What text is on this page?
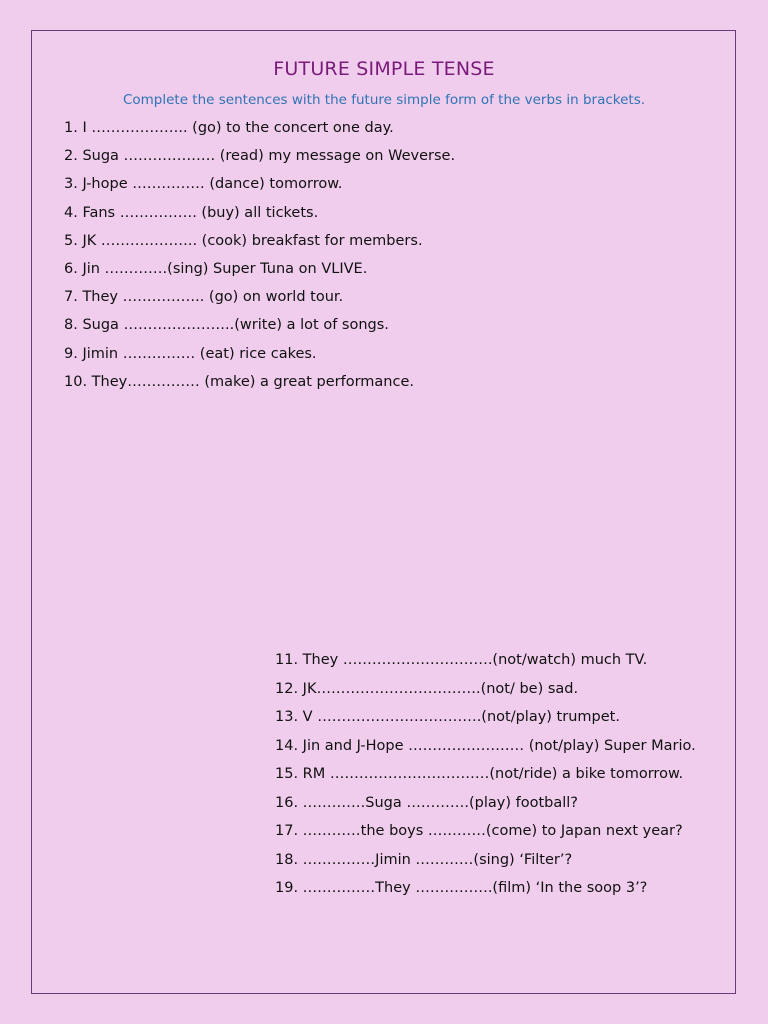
FUTURE SIMPLE TENSE

Complete the sentences with the future simple form of the verbs in brackets.

1. I ……………….. (go) to the concert one day.
2. Suga ………………. (read) my message on Weverse.
3. J-hope …………… (dance) tomorrow.
4. Fans ……………. (buy) all tickets.
5. JK ……………….. (cook) breakfast for members.
6. Jin ………….(sing) Super Tuna on VLIVE.
7. They …………….. (go) on world tour.
8. Suga …………………..(write) a lot of songs.
9. Jimin …………… (eat) rice cakes.
10. They…………… (make) a great performance.
11. They ………………………….(not/watch) much TV.
12. JK…………………………….(not/ be) sad.
13. V …………………………….(not/play) trumpet.
14. Jin and J-Hope …………………… (not/play) Super Mario.
15. RM ……………………………(not/ride) a bike tomorrow.
16. ………….Suga ………….(play) football?
17. …………the boys …………(come) to Japan next year?
18. ……………Jimin …………(sing) ‘Filter’?
19. ……………They …………….(film) ‘In the soop 3’?
